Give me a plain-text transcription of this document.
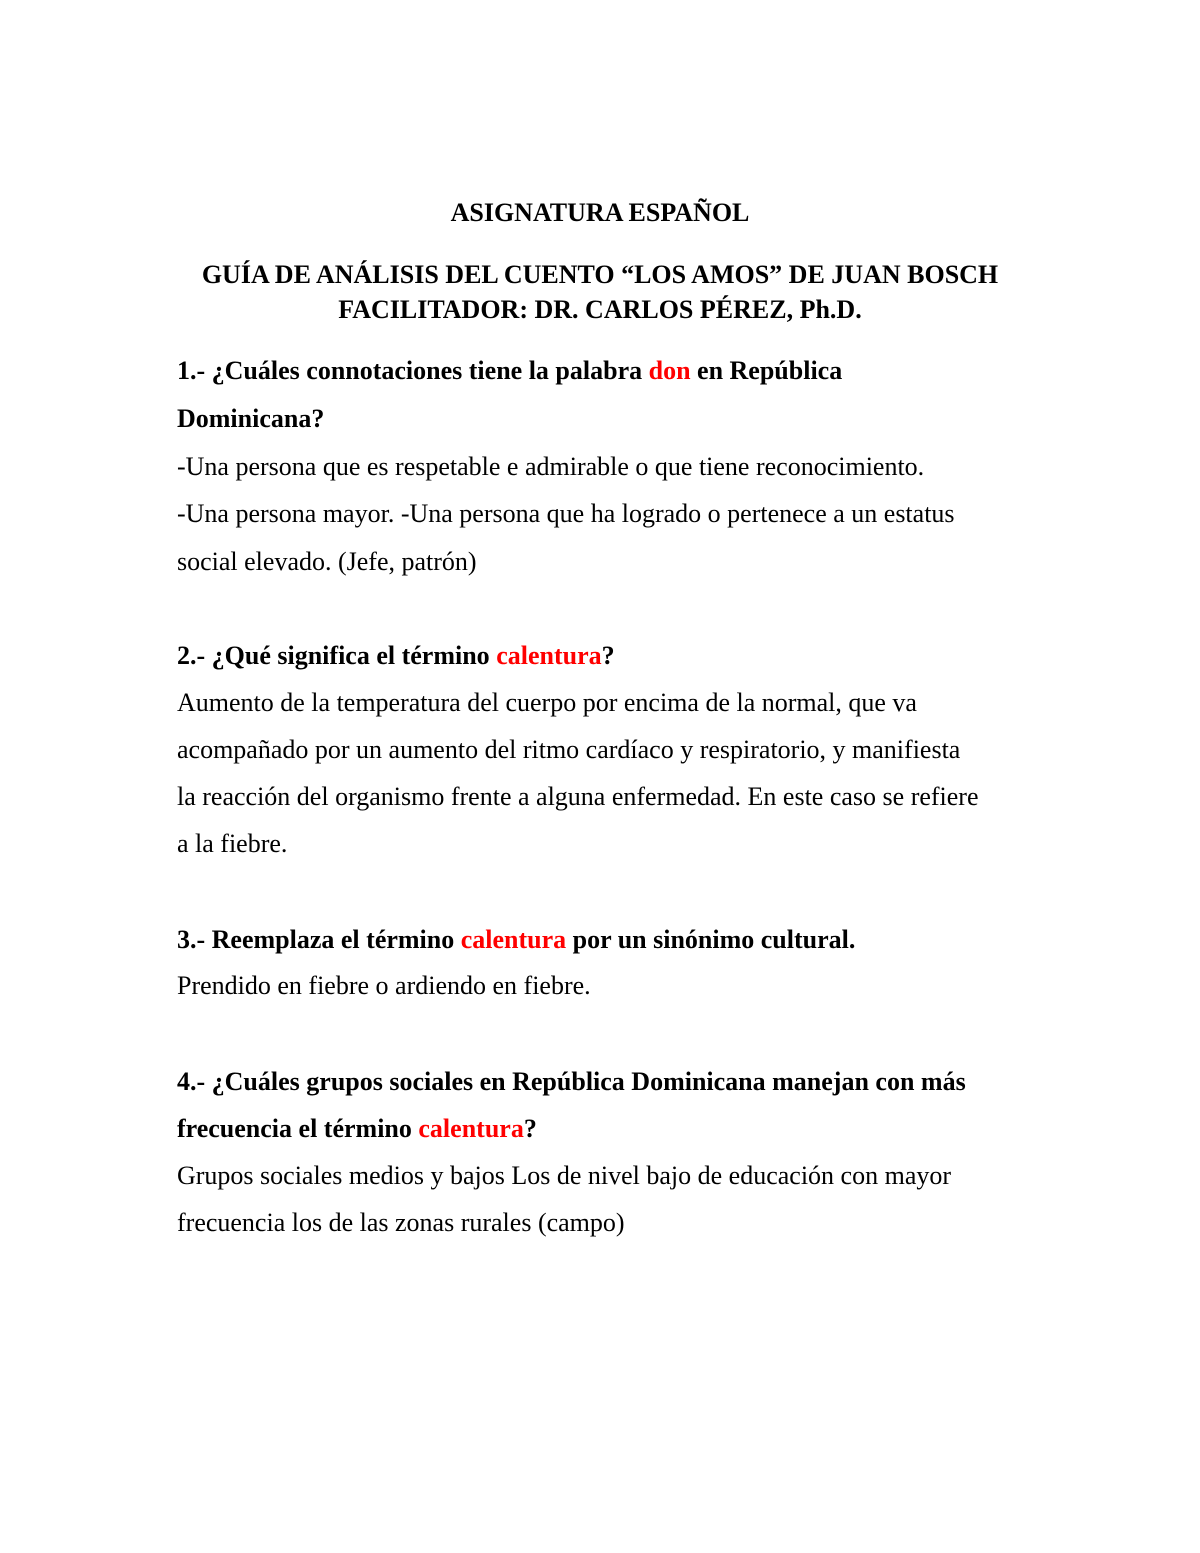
ASIGNATURA ESPAÑOL

GUÍA DE ANÁLISIS DEL CUENTO “LOS AMOS” DE JUAN BOSCH

FACILITADOR: DR. CARLOS PÉREZ, Ph.D.

1.- ¿Cuáles connotaciones tiene la palabra don en República

Dominicana?

-Una persona que es respetable e admirable o que tiene reconocimiento.

-Una persona mayor. -Una persona que ha logrado o pertenece a un estatus

social elevado. (Jefe, patrón)

2.- ¿Qué significa el término calentura?

Aumento de la temperatura del cuerpo por encima de la normal, que va

acompañado por un aumento del ritmo cardíaco y respiratorio, y manifiesta

la reacción del organismo frente a alguna enfermedad. En este caso se refiere

a la fiebre.

3.- Reemplaza el término calentura por un sinónimo cultural.

Prendido en fiebre o ardiendo en fiebre.

4.- ¿Cuáles grupos sociales en República Dominicana manejan con más

frecuencia el término calentura?

Grupos sociales medios y bajos Los de nivel bajo de educación con mayor

frecuencia los de las zonas rurales (campo)
